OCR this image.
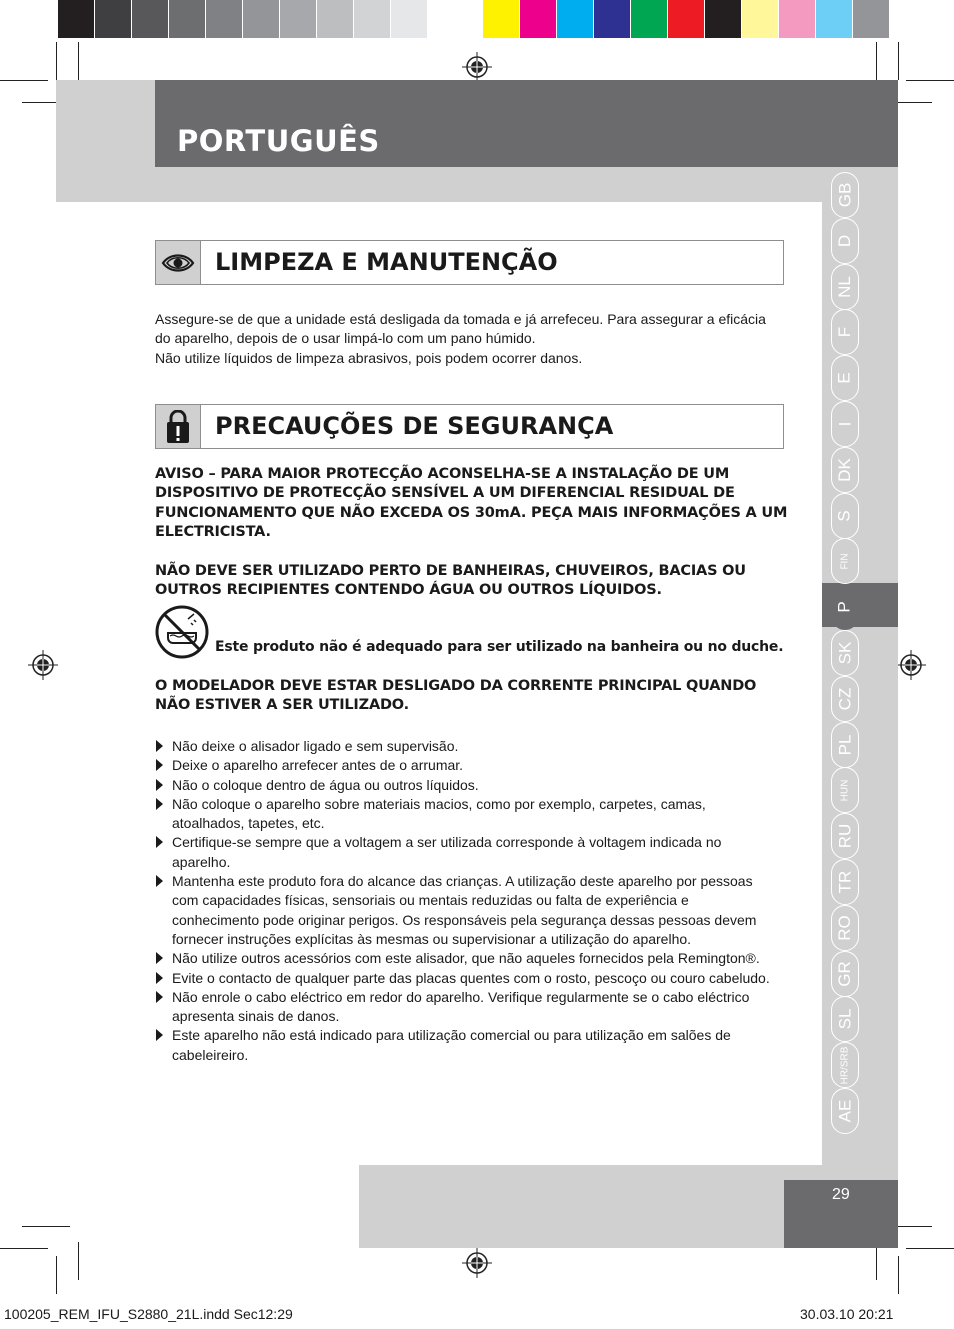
PORTUGUÊS
GB
D
NL
F
E
I
DK
S
FIN
P
SK
CZ
PL
HUN
RU
TR
RO
GR
SL
HR/SRB
AE
29
LIMPEZA E MANUTENÇÃO
Assegure-se de que a unidade está desligada da tomada e já arrefeceu. Para assegurar a eficácia
do aparelho, depois de o usar limpá-lo com um pano húmido.
Não utilize líquidos de limpeza abrasivos, pois podem ocorrer danos.
PRECAUÇÕES DE SEGURANÇA
AVISO – PARA MAIOR PROTECÇÃO ACONSELHA-SE A INSTALAÇÃO DE UM DISPOSITIVO DE PROTECÇÃO SENSÍVEL A UM DIFERENCIAL RESIDUAL DE FUNCIONAMENTO QUE NÃO EXCEDA OS 30mA. PEÇA MAIS INFORMAÇÕES A UM ELECTRICISTA.
NÃO DEVE SER UTILIZADO PERTO DE BANHEIRAS, CHUVEIROS, BACIAS OU OUTROS RECIPIENTES CONTENDO ÁGUA OU OUTROS LÍQUIDOS.
Este produto não é adequado para ser utilizado na banheira ou no duche.
O MODELADOR DEVE ESTAR DESLIGADO DA CORRENTE PRINCIPAL QUANDO NÃO ESTIVER A SER UTILIZADO.
Não deixe o alisador ligado e sem supervisão.
Deixe o aparelho arrefecer antes de o arrumar.
Não o coloque dentro de água ou outros líquidos.
Não coloque o aparelho sobre materiais macios, como por exemplo, carpetes, camas, atoalhados, tapetes, etc.
Certifique-se sempre que a voltagem a ser utilizada corresponde à voltagem indicada no aparelho.
Mantenha este produto fora do alcance das crianças. A utilização deste aparelho por pessoas com capacidades físicas, sensoriais ou mentais reduzidas ou falta de experiência e conhecimento pode originar perigos. Os responsáveis pela segurança dessas pessoas devem fornecer instruções explícitas às mesmas ou supervisionar a utilização do aparelho.
Não utilize outros acessórios com este alisador, que não aqueles fornecidos pela Remington®.
Evite o contacto de qualquer parte das placas quentes com o rosto, pescoço ou couro cabeludo.
Não enrole o cabo eléctrico em redor do aparelho. Verifique regularmente se o cabo eléctrico apresenta sinais de danos.
Este aparelho não está indicado para utilização comercial ou para utilização em salões de cabeleireiro.
100205_REM_IFU_S2880_21L.indd Sec12:29	30.03.10 20:21
